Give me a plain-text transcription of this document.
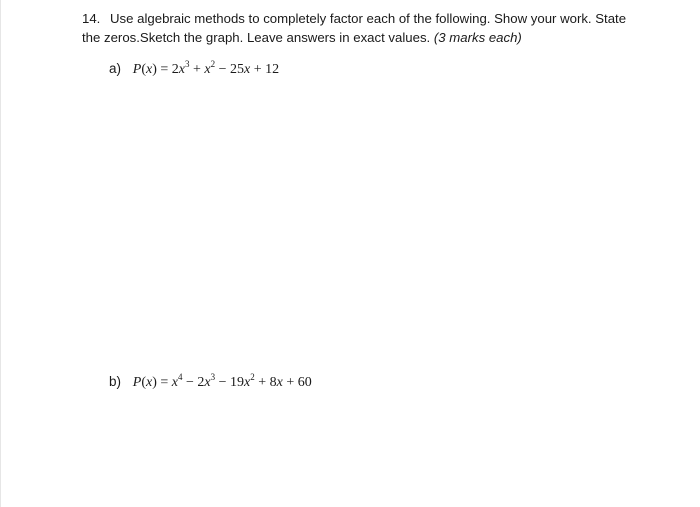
14. Use algebraic methods to completely factor each of the following. Show your work. State
the zeros.Sketch the graph. Leave answers in exact values. (3 marks each)
a) $P(x) = 2x^3 + x^2 - 25x + 12$
b) $P(x) = x^4 - 2x^3 - 19x^2 + 8x + 60$
